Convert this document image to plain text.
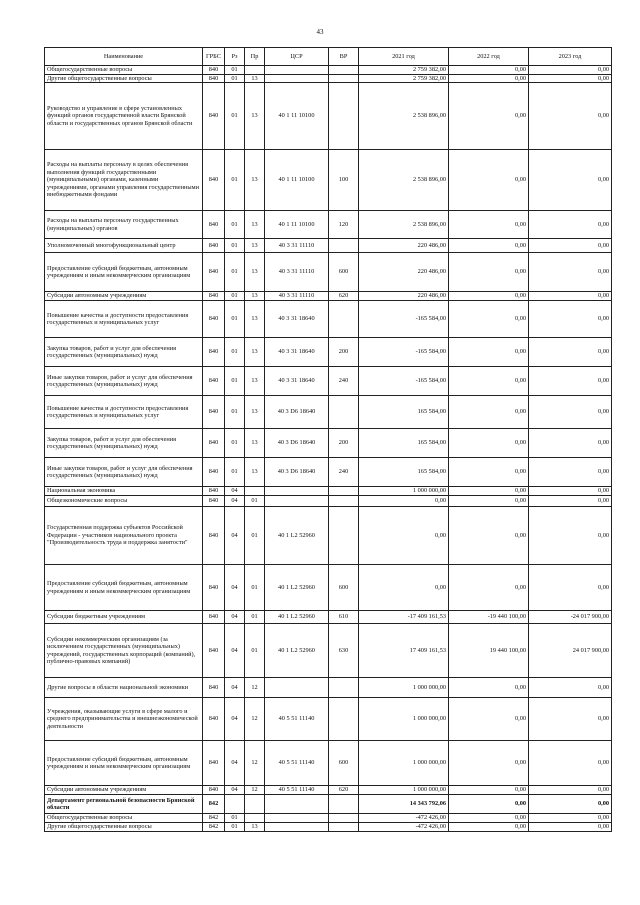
43
Наименование	ГРБС	Рз	Пр	ЦСР	ВР	2021 год	2022 год	2023 год
Общегосударственные вопросы	840	01				2 759 382,00	0,00	0,00
Другие общегосударственные вопросы	840	01	13			2 759 382,00	0,00	0,00
Руководство и управление в сфере установленных функций органов государственной власти Брянской области и государственных органов Брянской области	840	01	13	40 1 11 10100		2 538 896,00	0,00	0,00
Расходы на выплаты персоналу в целях обеспечения выполнения функций государственными (муниципальными) органами, казенными учреждениями, органами управления государственными внебюджетными фондами	840	01	13	40 1 11 10100	100	2 538 896,00	0,00	0,00
Расходы на выплаты персоналу государственных (муниципальных) органов	840	01	13	40 1 11 10100	120	2 538 896,00	0,00	0,00
Уполномоченный многофункциональный центр	840	01	13	40 3 31 11110		220 486,00	0,00	0,00
Предоставление субсидий бюджетным, автономным учреждениям и иным некоммерческим организациям	840	01	13	40 3 31 11110	600	220 486,00	0,00	0,00
Субсидии автономным учреждениям	840	01	13	40 3 31 11110	620	220 486,00	0,00	0,00
Повышение качества и доступности предоставления государственных и муниципальных услуг	840	01	13	40 3 31 18640		-165 584,00	0,00	0,00
Закупка товаров, работ и услуг для обеспечения государственных (муниципальных) нужд	840	01	13	40 3 31 18640	200	-165 584,00	0,00	0,00
Иные закупки товаров, работ и услуг для обеспечения государственных (муниципальных) нужд	840	01	13	40 3 31 18640	240	-165 584,00	0,00	0,00
Повышение качества и доступности предоставления государственных и муниципальных услуг	840	01	13	40 3 D6 18640		165 584,00	0,00	0,00
Закупка товаров, работ и услуг для обеспечения государственных (муниципальных) нужд	840	01	13	40 3 D6 18640	200	165 584,00	0,00	0,00
Иные закупки товаров, работ и услуг для обеспечения государственных (муниципальных) нужд	840	01	13	40 3 D6 18640	240	165 584,00	0,00	0,00
Национальная экономика	840	04				1 000 000,00	0,00	0,00
Общеэкономические вопросы	840	04	01			0,00	0,00	0,00
Государственная поддержка субъектов Российской Федерации - участников национального проекта "Производительность труда и поддержка занятости"	840	04	01	40 1 L2 52960		0,00	0,00	0,00
Предоставление субсидий бюджетным, автономным учреждениям и иным некоммерческим организациям	840	04	01	40 1 L2 52960	600	0,00	0,00	0,00
Субсидии бюджетным учреждениям	840	04	01	40 1 L2 52960	610	-17 409 161,53	-19 440 100,00	-24 017 900,00
Субсидии некоммерческим организациям (за исключением государственных (муниципальных) учреждений, государственных корпораций (компаний), публично-правовых компаний)	840	04	01	40 1 L2 52960	630	17 409 161,53	19 440 100,00	24 017 900,00
Другие вопросы в области национальной экономики	840	04	12			1 000 000,00	0,00	0,00
Учреждения, оказывающие услуги в сфере малого и среднего предпринимательства и внешнеэкономической деятельности	840	04	12	40 5 51 11140		1 000 000,00	0,00	0,00
Предоставление субсидий бюджетным, автономным учреждениям и иным некоммерческим организациям	840	04	12	40 5 51 11140	600	1 000 000,00	0,00	0,00
Субсидии автономным учреждениям	840	04	12	40 5 51 11140	620	1 000 000,00	0,00	0,00
Департамент региональной безопасности Брянской области	842					14 343 792,06	0,00	0,00
Общегосударственные вопросы	842	01				-472 426,00	0,00	0,00
Другие общегосударственные вопросы	842	01	13			-472 426,00	0,00	0,00
